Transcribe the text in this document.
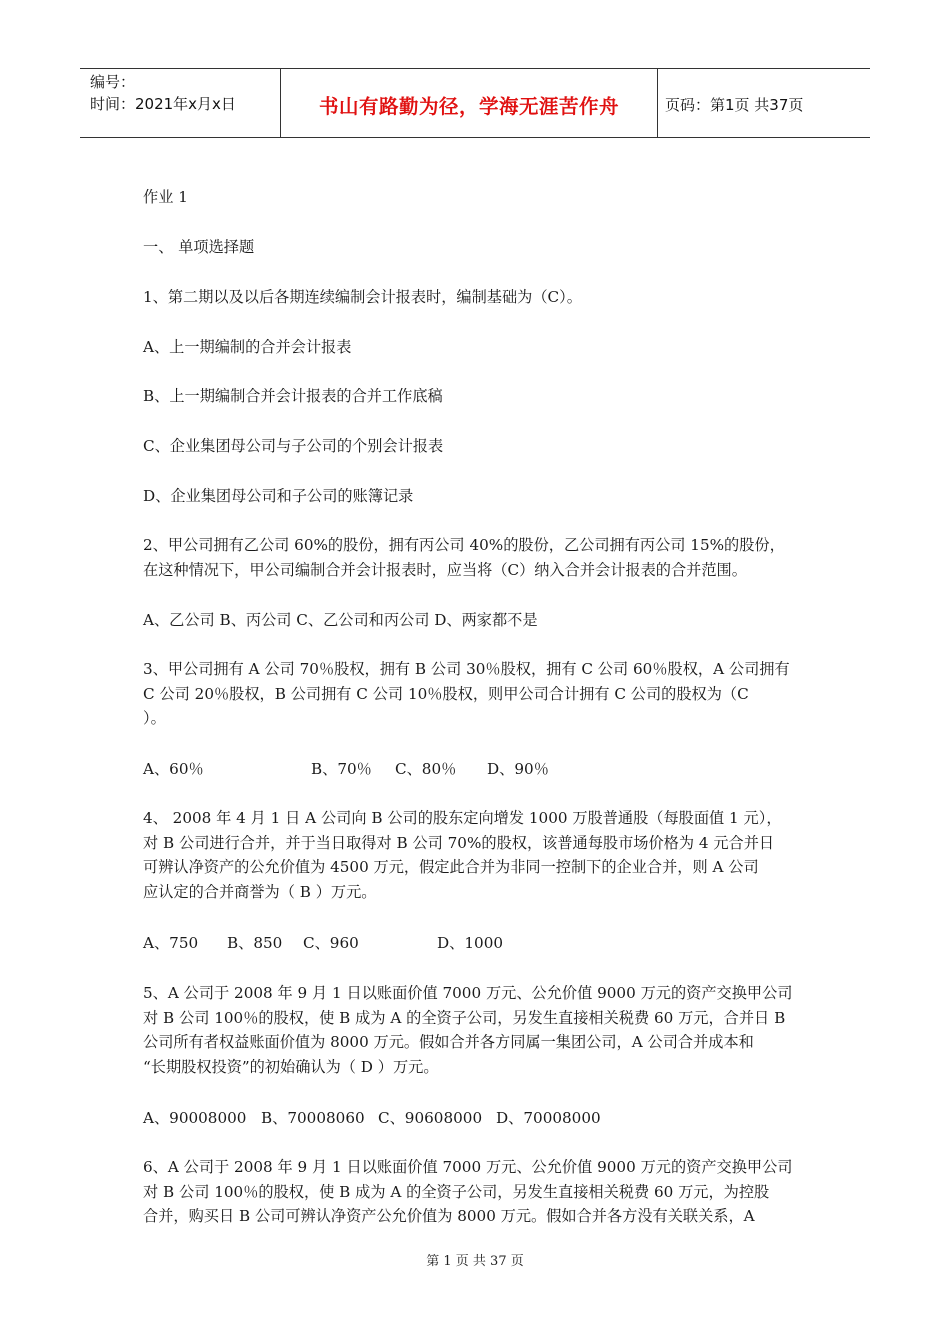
编号：
时间：2021年x月x日	书山有路勤为径，学海无涯苦作舟	页码：第1页 共37页
作业 1
一、 单项选择题
1、第二期以及以后各期连续编制会计报表时，编制基础为（C）。
A、上一期编制的合并会计报表
B、上一期编制合并会计报表的合并工作底稿
C、企业集团母公司与子公司的个别会计报表
D、企业集团母公司和子公司的账簿记录
2、甲公司拥有乙公司 60%的股份，拥有丙公司 40%的股份，乙公司拥有丙公司 15%的股份，
在这种情况下，甲公司编制合并会计报表时，应当将（C）纳入合并会计报表的合并范围。
A、乙公司 B、丙公司 C、乙公司和丙公司 D、两家都不是
3、甲公司拥有 A 公司 70％股权，拥有 B 公司 30％股权，拥有 C 公司 60％股权，A 公司拥有
C 公司 20％股权，B 公司拥有 C 公司 10％股权，则甲公司合计拥有 C 公司的股权为（C
）。
A、60％	B、70％ C、80％ D、90％
4、 2008 年 4 月 1 日 A 公司向 B 公司的股东定向增发 1000 万股普通股（每股面值 1 元），
对 B 公司进行合并，并于当日取得对 B 公司 70%的股权，该普通每股市场价格为 4 元合并日
可辨认净资产的公允价值为 4500 万元，假定此合并为非同一控制下的企业合并，则 A 公司
应认定的合并商誉为（ B ）万元。
A、750 B、850 C、960	D、1000
5、A 公司于 2008 年 9 月 1 日以账面价值 7000 万元、公允价值 9000 万元的资产交换甲公司
对 B 公司 100％的股权，使 B 成为 A 的全资子公司，另发生直接相关税费 60 万元，合并日 B
公司所有者权益账面价值为 8000 万元。假如合并各方同属一集团公司，A 公司合并成本和
“长期股权投资”的初始确认为（ D ）万元。
A、90008000 B、70008060 C、90608000 D、70008000
6、A 公司于 2008 年 9 月 1 日以账面价值 7000 万元、公允价值 9000 万元的资产交换甲公司
对 B 公司 100％的股权，使 B 成为 A 的全资子公司，另发生直接相关税费 60 万元，为控股
合并，购买日 B 公司可辨认净资产公允价值为 8000 万元。假如合并各方没有关联关系，A
第 1 页 共 37 页
